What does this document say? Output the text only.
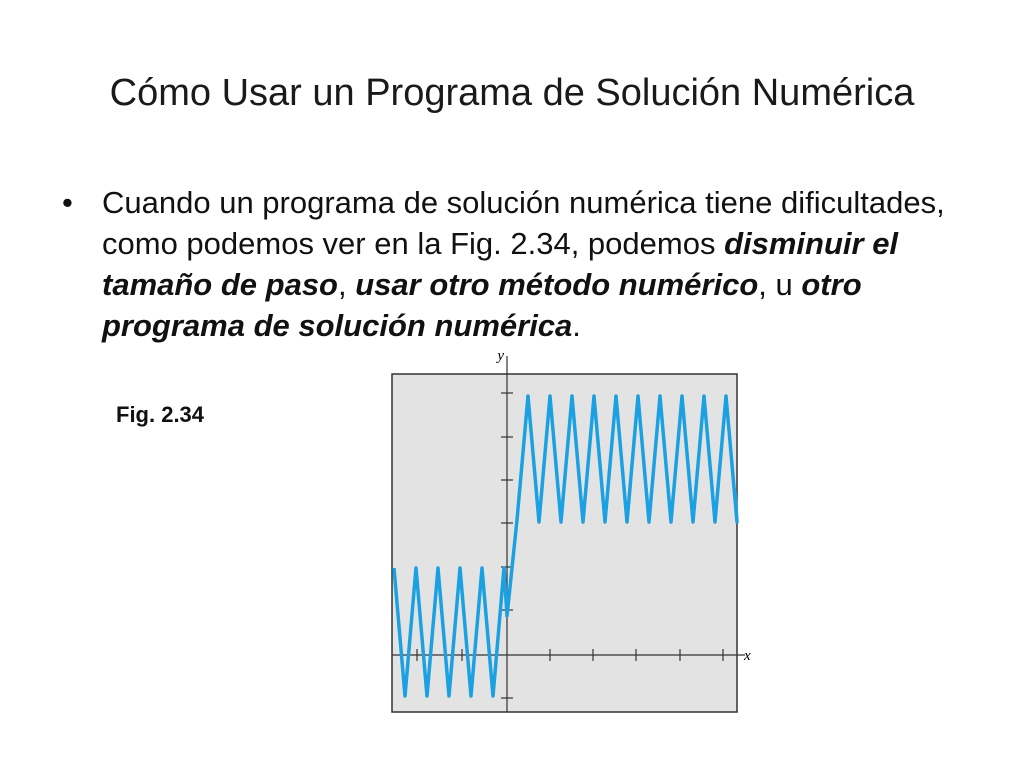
Cómo Usar un Programa de Solución Numérica
• Cuando un programa de solución numérica tiene dificultades, como podemos ver en la Fig. 2.34, podemos disminuir el tamaño de paso, usar otro método numérico, u otro programa de solución numérica.
Fig. 2.34
y
x
